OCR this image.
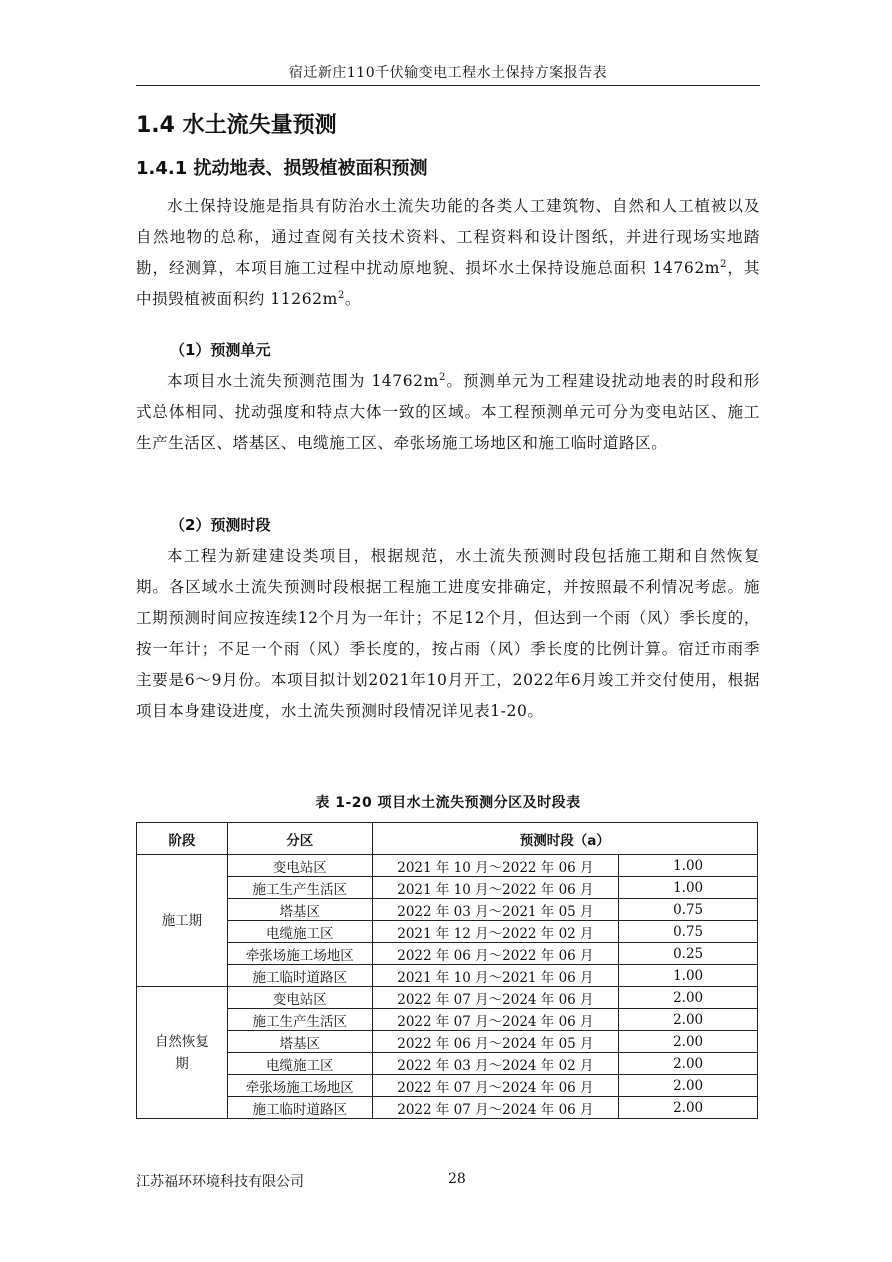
宿迁新庄110千伏输变电工程水土保持方案报告表
1.4 水土流失量预测
1.4.1 扰动地表、损毁植被面积预测

水土保持设施是指具有防治水土流失功能的各类人工建筑物、自然和人工植被以及自然地物的总称，通过查阅有关技术资料、工程资料和设计图纸，并进行现场实地踏勘，经测算，本项目施工过程中扰动原地貌、损坏水土保持设施总面积 $14762m^2$，其中损毁植被面积约 $11262m^2$。

（1）预测单元

本项目水土流失预测范围为 $14762m^2$。预测单元为工程建设扰动地表的时段和形式总体相同、扰动强度和特点大体一致的区域。本工程预测单元可分为变电站区、施工生产生活区、塔基区、电缆施工区、牵张场施工场地区和施工临时道路区。

（2）预测时段

本工程为新建建设类项目，根据规范，水土流失预测时段包括施工期和自然恢复期。各区域水土流失预测时段根据工程施工进度安排确定，并按照最不利情况考虑。施工期预测时间应按连续12个月为一年计；不足12个月，但达到一个雨（风）季长度的，按一年计；不足一个雨（风）季长度的，按占雨（风）季长度的比例计算。宿迁市雨季主要是6～9月份。本项目拟计划2021年10月开工，2022年6月竣工并交付使用，根据项目本身建设进度，水土流失预测时段情况详见表1-20。

表 1-20 项目水土流失预测分区及时段表
阶段	分区	预测时段（a）	
施工期	变电站区	2021 年 10 月～2022 年 06 月	1.00
	施工生产生活区	2021 年 10 月～2022 年 06 月	1.00
	塔基区	2022 年 03 月～2021 年 05 月	0.75
	电缆施工区	2021 年 12 月～2022 年 02 月	0.75
	牵张场施工场地区	2022 年 06 月～2022 年 06 月	0.25
	施工临时道路区	2021 年 10 月～2021 年 06 月	1.00
自然恢复期	变电站区	2022 年 07 月～2024 年 06 月	2.00
	施工生产生活区	2022 年 07 月～2024 年 06 月	2.00
	塔基区	2022 年 06 月～2024 年 05 月	2.00
	电缆施工区	2022 年 03 月～2024 年 02 月	2.00
	牵张场施工场地区	2022 年 07 月～2024 年 06 月	2.00
	施工临时道路区	2022 年 07 月～2024 年 06 月	2.00
江苏福环环境科技有限公司	28
